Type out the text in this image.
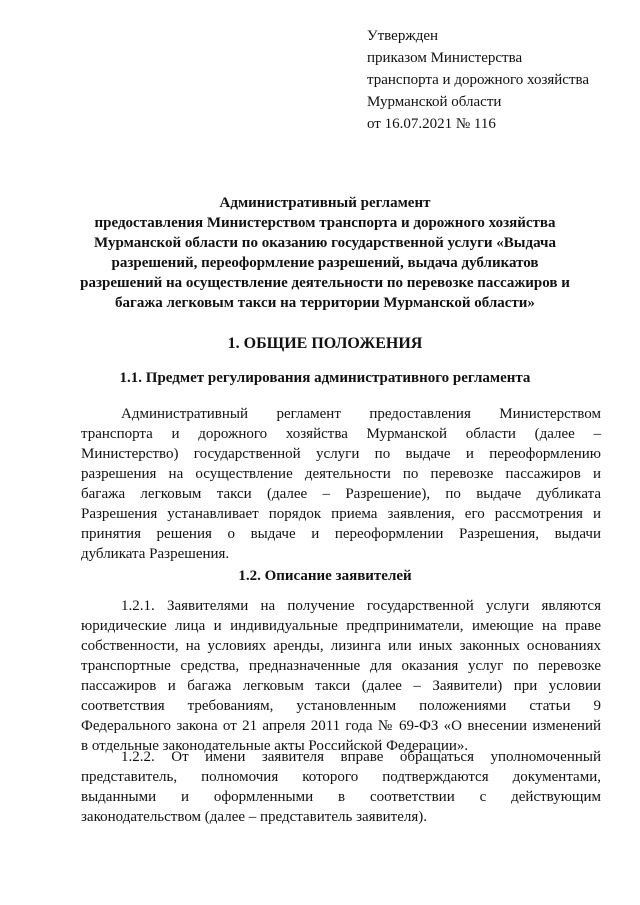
Утвержден
приказом Министерства
транспорта и дорожного хозяйства
Мурманской области
от 16.07.2021 № 116
Административный регламент
предоставления Министерством транспорта и дорожного хозяйства
Мурманской области по оказанию государственной услуги «Выдача
разрешений, переоформление разрешений, выдача дубликатов
разрешений на осуществление деятельности по перевозке пассажиров и
багажа легковым такси на территории Мурманской области»
1. ОБЩИЕ ПОЛОЖЕНИЯ
1.1. Предмет регулирования административного регламента
Административный регламент предоставления Министерством
транспорта и дорожного хозяйства Мурманской области (далее –
Министерство) государственной услуги по выдаче и переоформлению
разрешения на осуществление деятельности по перевозке пассажиров и
багажа легковым такси (далее – Разрешение), по выдаче дубликата
Разрешения устанавливает порядок приема заявления, его рассмотрения и
принятия решения о выдаче и переоформлении Разрешения, выдачи
дубликата Разрешения.
1.2. Описание заявителей
1.2.1. Заявителями на получение государственной услуги являются
юридические лица и индивидуальные предприниматели, имеющие на праве
собственности, на условиях аренды, лизинга или иных законных основаниях
транспортные средства, предназначенные для оказания услуг по перевозке
пассажиров и багажа легковым такси (далее – Заявители) при условии
соответствия требованиям, установленным положениями статьи 9
Федерального закона от 21 апреля 2011 года № 69-ФЗ «О внесении изменений
в отдельные законодательные акты Российской Федерации».
1.2.2. От имени заявителя вправе обращаться уполномоченный
представитель, полномочия которого подтверждаются документами,
выданными и оформленными в соответствии с действующим
законодательством (далее – представитель заявителя).
